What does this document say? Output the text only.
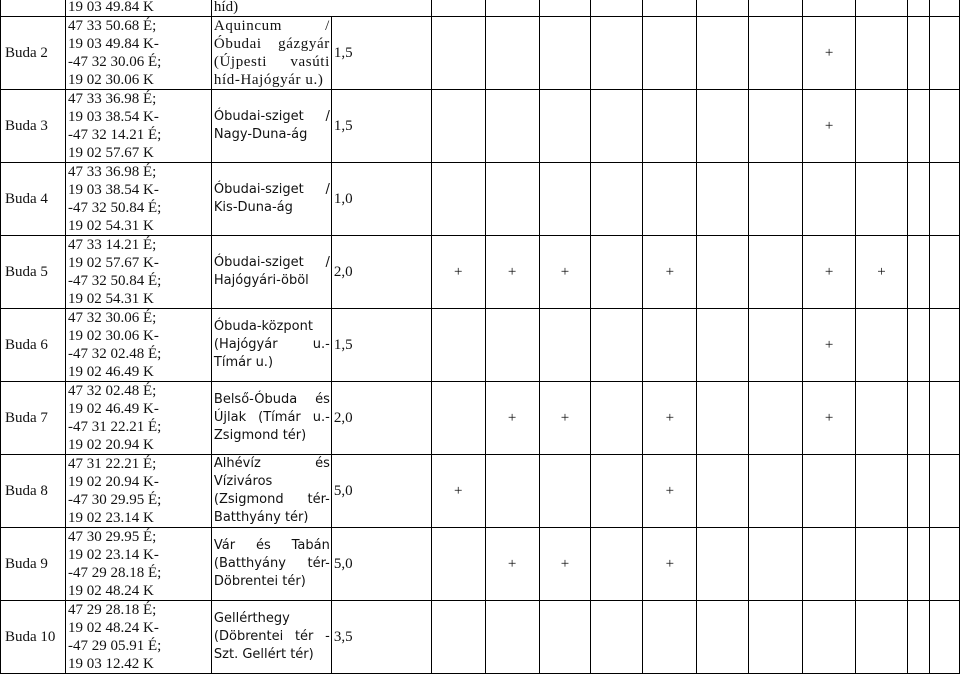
	19 03 49.84 K	híd)												

Buda 2	47 33 50.68 É;
19 03 49.84 K-
-47 32 30.06 É;
19 02 30.06 K	Aquincum / Óbudai gázgyár (Újpesti vasúti híd-Hajógyár u.)	1,5								+			
Buda 3	47 33 36.98 É;
19 03 38.54 K-
-47 32 14.21 É;
19 02 57.67 K	Óbudai-sziget / Nagy-Duna-ág	1,5								+			
Buda 4	47 33 36.98 É;
19 03 38.54 K-
-47 32 50.84 É;
19 02 54.31 K	Óbudai-sziget / Kis-Duna-ág	1,0											
Buda 5	47 33 14.21 É;
19 02 57.67 K-
-47 32 50.84 É;
19 02 54.31 K	Óbudai-sziget / Hajógyári-öböl	2,0	+	+	+		+			+	+		
Buda 6	47 32 30.06 É;
19 02 30.06 K-
-47 32 02.48 É;
19 02 46.49 K	Óbuda-központ (Hajógyár u.-Tímár u.)	1,5								+			
Buda 7	47 32 02.48 É;
19 02 46.49 K-
-47 31 22.21 É;
19 02 20.94 K	Belső-Óbuda és Újlak (Tímár u.-Zsigmond tér)	2,0		+	+		+			+			
Buda 8	47 31 22.21 É;
19 02 20.94 K-
-47 30 29.95 É;
19 02 23.14 K	Alhévíz és Víziváros (Zsigmond tér-Batthyány tér)	5,0	+				+						
Buda 9	47 30 29.95 É;
19 02 23.14 K-
-47 29 28.18 É;
19 02 48.24 K	Vár és Tabán (Batthyány tér-Döbrentei tér)	5,0		+	+		+						
Buda 10	47 29 28.18 É;
19 02 48.24 K-
-47 29 05.91 É;
19 03 12.42 K	Gellérthegy (Döbrentei tér - Szt. Gellért tér)	3,5											
